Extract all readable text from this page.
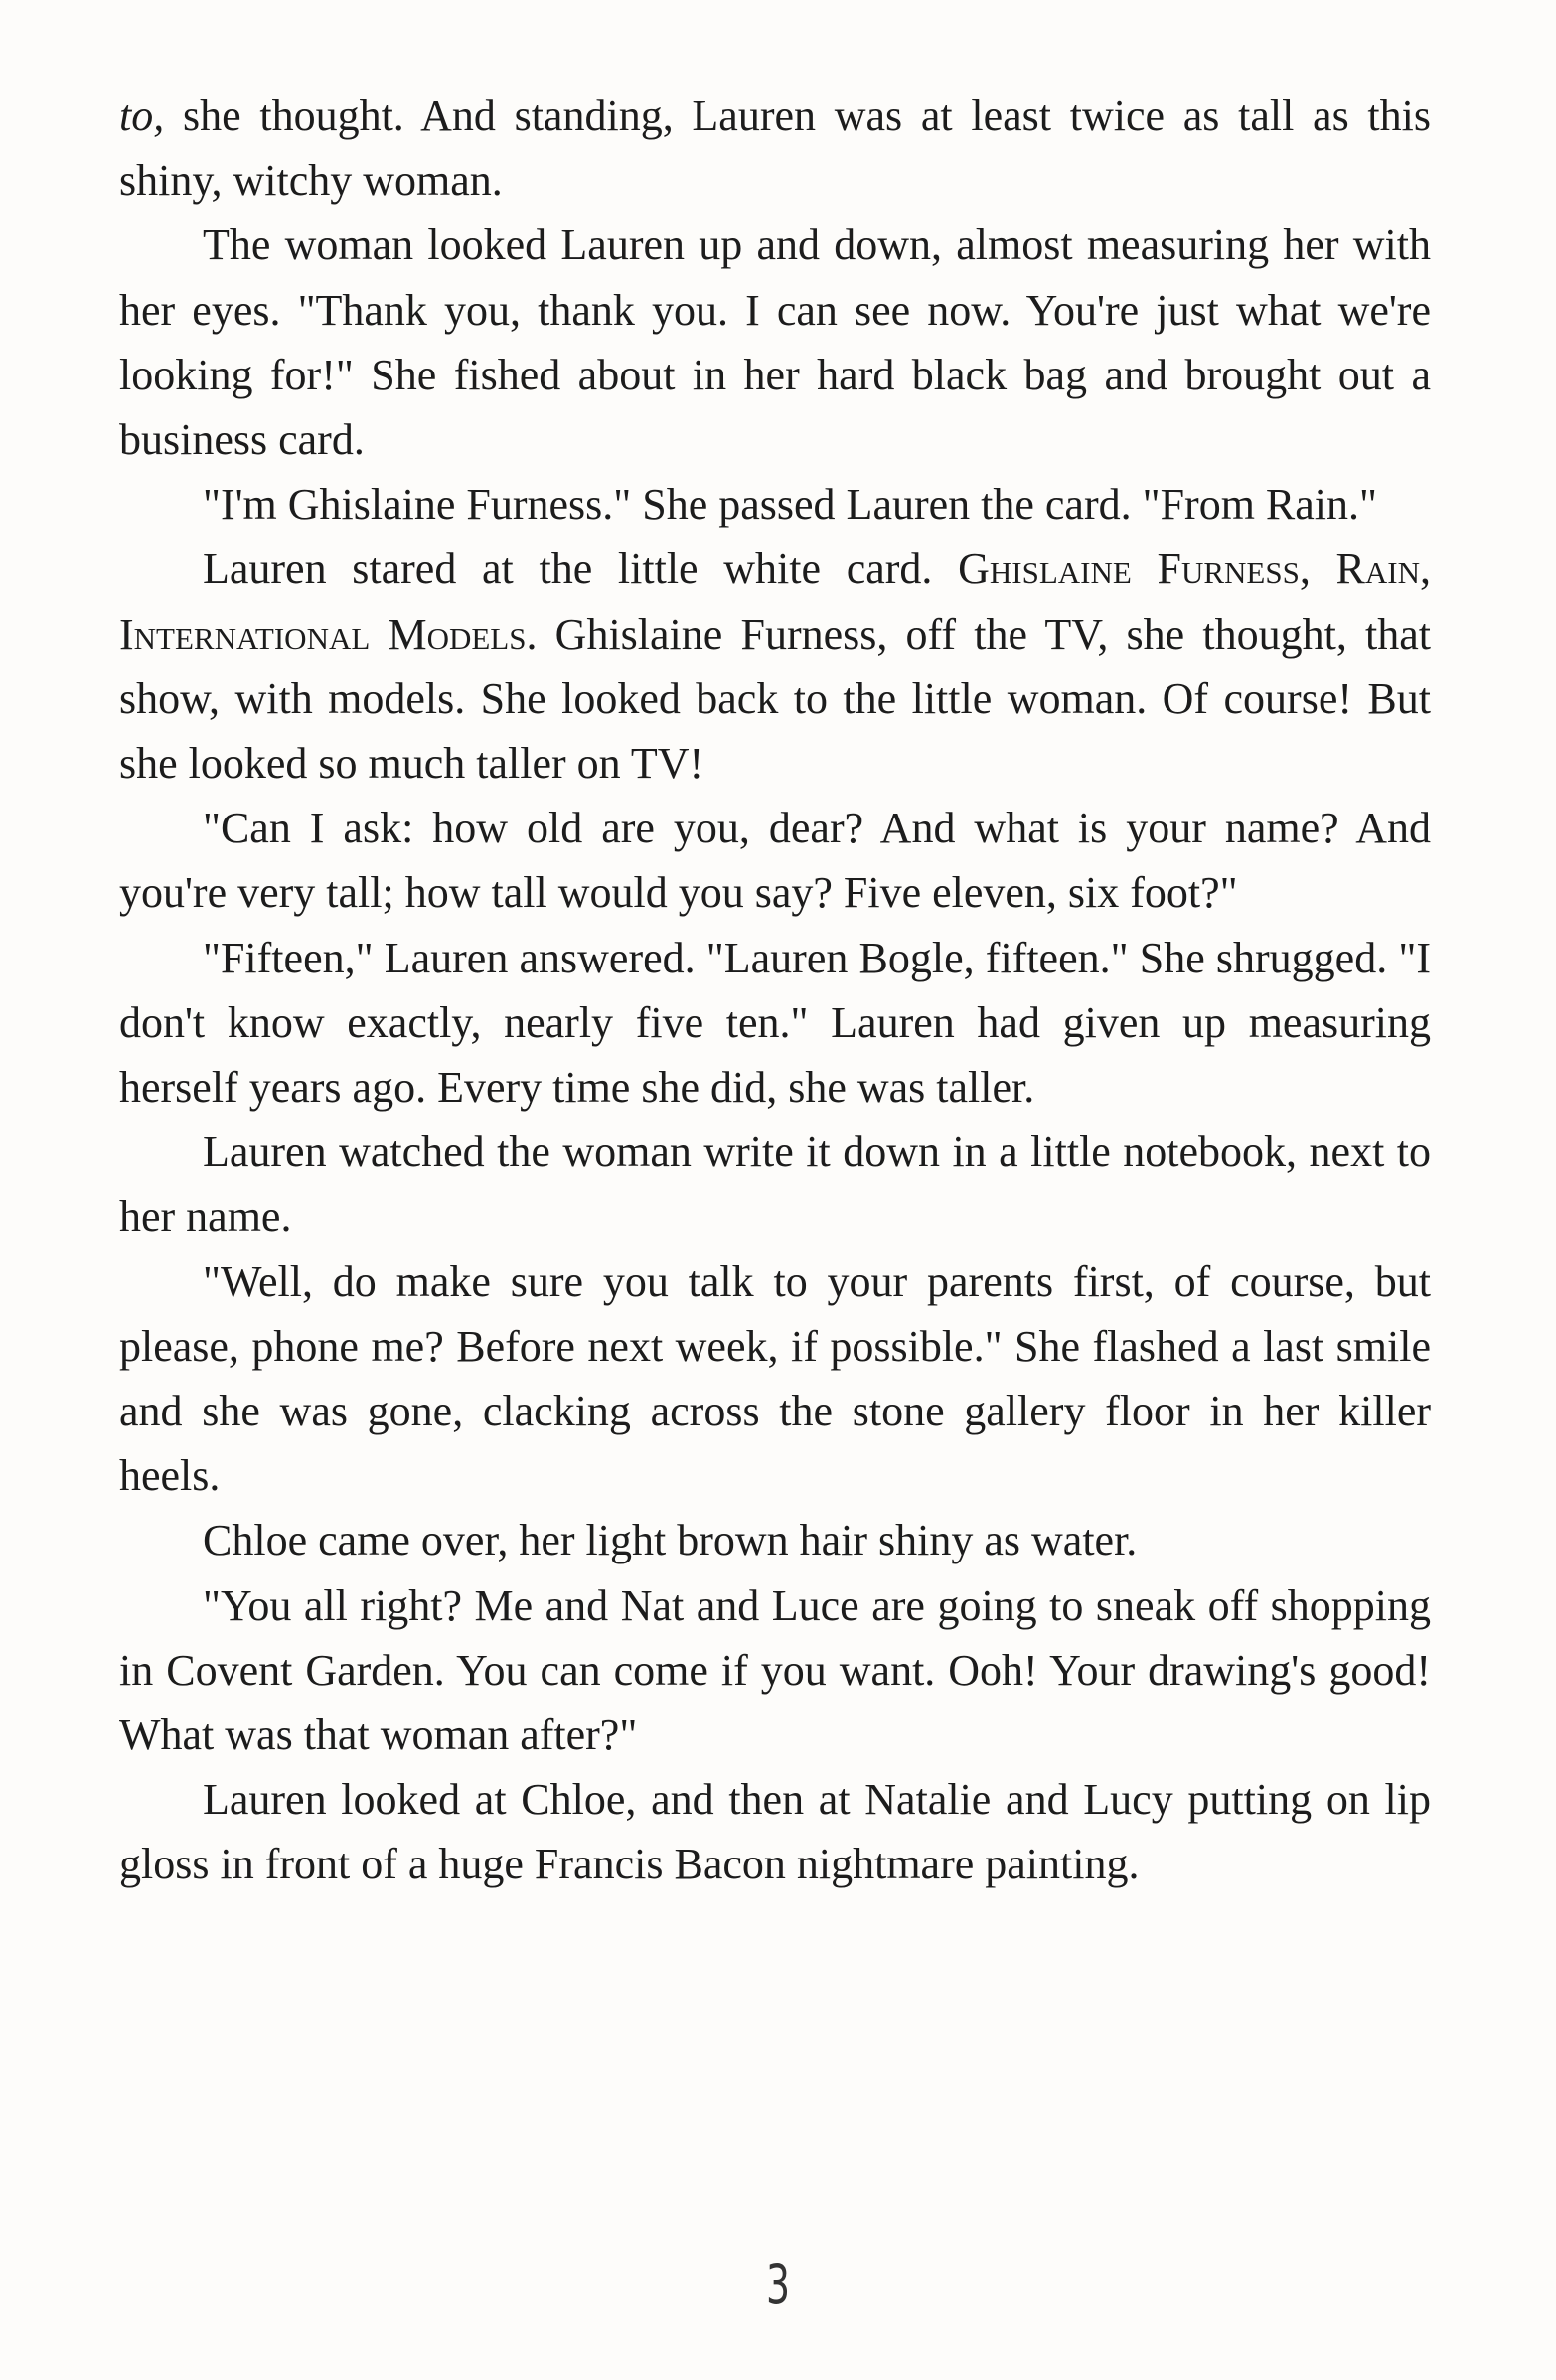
to, she thought. And standing, Lauren was at least twice as tall as this shiny, witchy woman.

The woman looked Lauren up and down, almost measuring her with her eyes. "Thank you, thank you. I can see now. You're just what we're looking for!" She fished about in her hard black bag and brought out a business card.

"I'm Ghislaine Furness." She passed Lauren the card. "From Rain."

Lauren stared at the little white card. Ghislaine Furness, Rain, International Models. Ghislaine Furness, off the TV, she thought, that show, with models. She looked back to the little woman. Of course! But she looked so much taller on TV!

"Can I ask: how old are you, dear? And what is your name? And you're very tall; how tall would you say? Five eleven, six foot?"

"Fifteen," Lauren answered. "Lauren Bogle, fifteen." She shrugged. "I don't know exactly, nearly five ten." Lauren had given up measuring herself years ago. Every time she did, she was taller.

Lauren watched the woman write it down in a little notebook, next to her name.

"Well, do make sure you talk to your parents first, of course, but please, phone me? Before next week, if possible." She flashed a last smile and she was gone, clacking across the stone gallery floor in her killer heels.

Chloe came over, her light brown hair shiny as water.

"You all right? Me and Nat and Luce are going to sneak off shopping in Covent Garden. You can come if you want. Ooh! Your drawing's good! What was that woman after?"

Lauren looked at Chloe, and then at Natalie and Lucy putting on lip gloss in front of a huge Francis Bacon nightmare painting.

3
